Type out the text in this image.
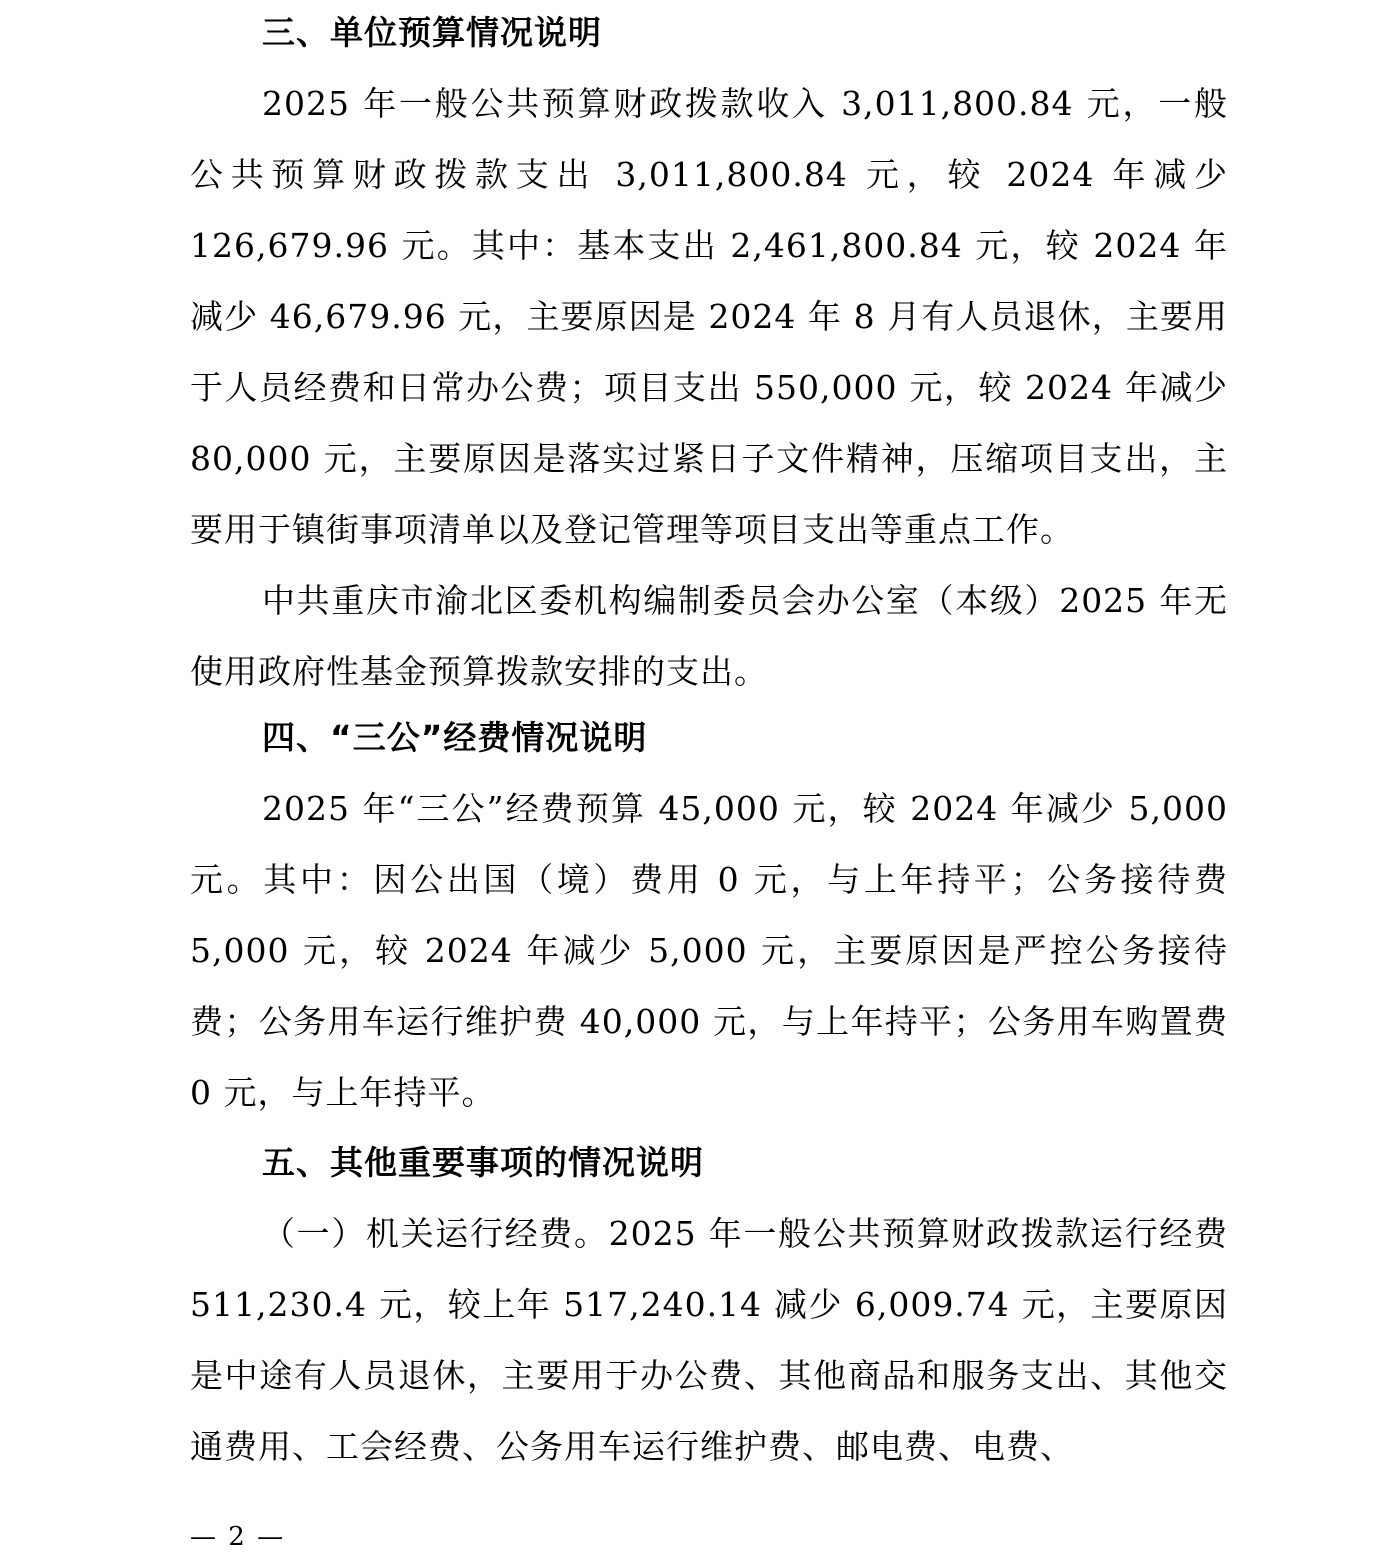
三、单位预算情况说明

2025 年一般公共预算财政拨款收入 3,011,800.84 元，一般公共预算财政拨款支出 3,011,800.84 元，较 2024 年减少 126,679.96 元。其中：基本支出 2,461,800.84 元，较 2024 年减少 46,679.96 元，主要原因是 2024 年 8 月有人员退休，主要用于人员经费和日常办公费；项目支出 550,000 元，较 2024 年减少 80,000 元，主要原因是落实过紧日子文件精神，压缩项目支出，主要用于镇街事项清单以及登记管理等项目支出等重点工作。

中共重庆市渝北区委机构编制委员会办公室（本级）2025 年无使用政府性基金预算拨款安排的支出。

四、“三公”经费情况说明

2025 年“三公”经费预算 45,000 元，较 2024 年减少 5,000 元。其中：因公出国（境）费用 0 元，与上年持平；公务接待费 5,000 元，较 2024 年减少 5,000 元，主要原因是严控公务接待费；公务用车运行维护费 40,000 元，与上年持平；公务用车购置费 0 元，与上年持平。

五、其他重要事项的情况说明

（一）机关运行经费。2025 年一般公共预算财政拨款运行经费 511,230.4 元，较上年 517,240.14 减少 6,009.74 元，主要原因是中途有人员退休，主要用于办公费、其他商品和服务支出、其他交通费用、工会经费、公务用车运行维护费、邮电费、电费、

— 2 —
